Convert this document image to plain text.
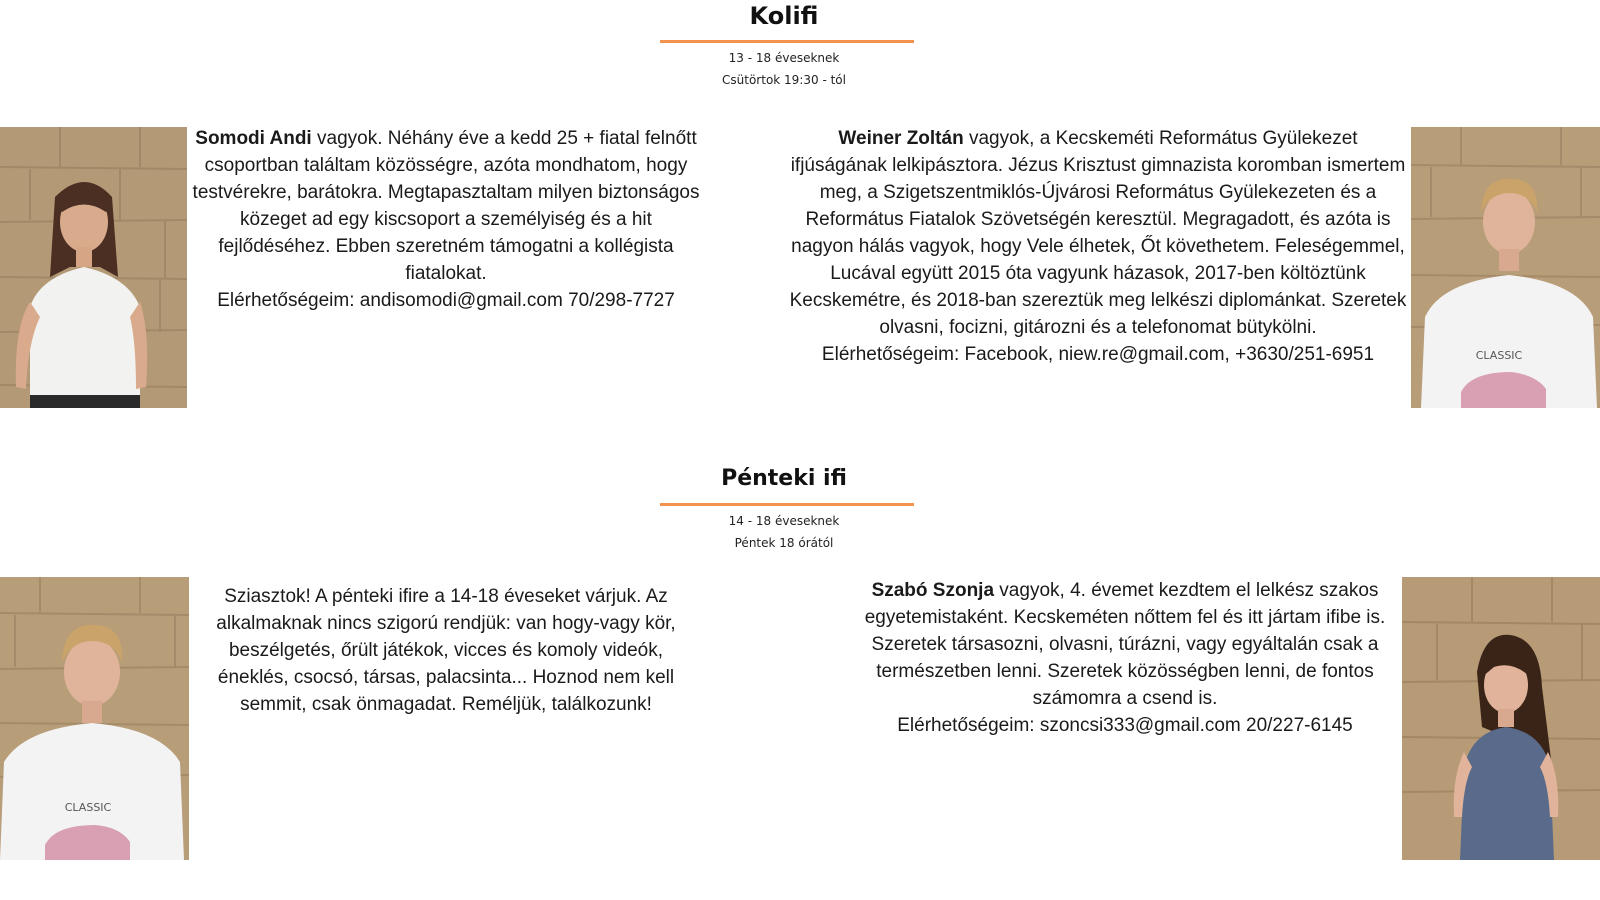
Kolifi
13 - 18 éveseknek
Csütörtok 19:30 - tól
Somodi Andi vagyok. Néhány éve a kedd 25 + fiatal felnőtt csoportban találtam közösségre, azóta mondhatom, hogy testvérekre, barátokra. Megtapasztaltam milyen biztonságos közeget ad egy kiscsoport a személyiség és a hit fejlődéséhez. Ebben szeretném támogatni a kollégista fiatalokat.
Elérhetőségeim: andisomodi@gmail.com 70/298-7727
Weiner Zoltán vagyok, a Kecskeméti Református Gyülekezet ifjúságának lelkipásztora. Jézus Krisztust gimnazista koromban ismertem meg, a Szigetszentmiklós-Újvárosi Református Gyülekezeten és a Református Fiatalok Szövetségén keresztül. Megragadott, és azóta is nagyon hálás vagyok, hogy Vele élhetek, Őt követhetem. Feleségemmel, Lucával együtt 2015 óta vagyunk házasok, 2017-ben költöztünk Kecskemétre, és 2018-ban szereztük meg lelkészi diplománkat. Szeretek olvasni, focizni, gitározni és a telefonomat bütykölni.
Elérhetőségeim: Facebook, niew.re@gmail.com, +3630/251-6951	CLASSIC
Pénteki ifi
14 - 18 éveseknek
Péntek 18 órától
CLASSIC
Sziasztok! A pénteki ifire a 14-18 éveseket várjuk. Az alkalmaknak nincs szigorú rendjük: van hogy-vagy kör, beszélgetés, őrült játékok, vicces és komoly videók, éneklés, csocsó, társas, palacsinta... Hoznod nem kell semmit, csak önmagadat. Reméljük, találkozunk!
Szabó Szonja vagyok, 4. évemet kezdtem el lelkész szakos egyetemistaként. Kecskeméten nőttem fel és itt jártam ifibe is. Szeretek társasozni, olvasni, túrázni, vagy egyáltalán csak a természetben lenni. Szeretek közösségben lenni, de fontos számomra a csend is.
Elérhetőségeim: szoncsi333@gmail.com 20/227-6145
